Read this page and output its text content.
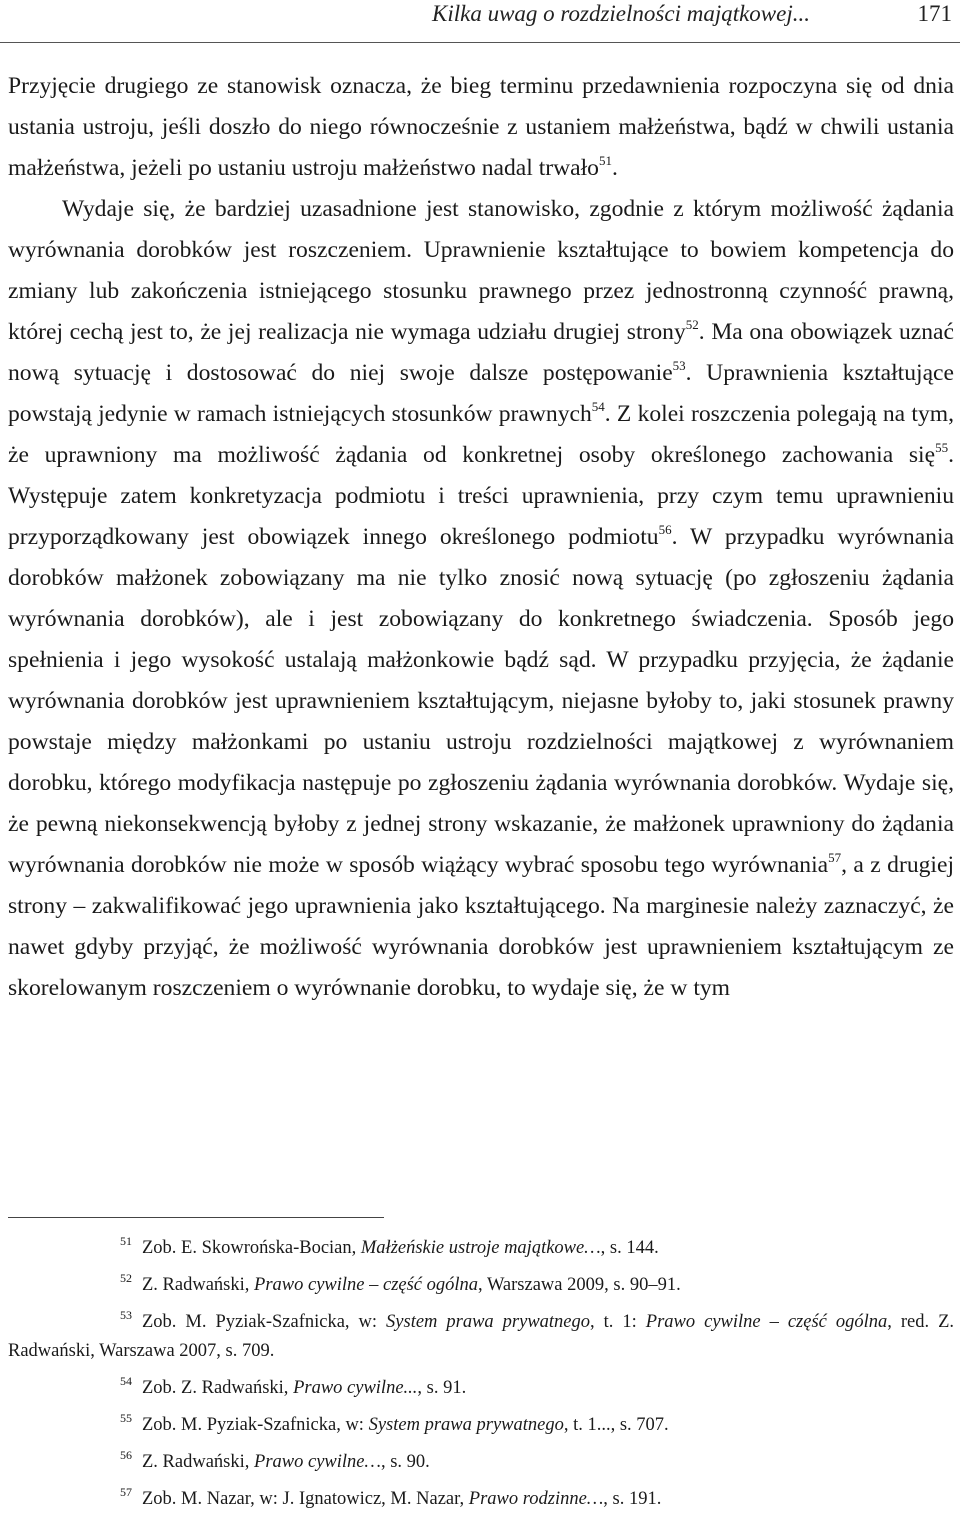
Kilka uwag o rozdzielności majątkowej...	171

Przyjęcie drugiego ze stanowisk oznacza, że bieg terminu przedawnienia rozpoczyna się od dnia ustania ustroju, jeśli doszło do niego równocześnie z ustaniem małżeństwa, bądź w chwili ustania małżeństwa, jeżeli po ustaniu ustroju małżeństwo nadal trwało$^{51}$.

Wydaje się, że bardziej uzasadnione jest stanowisko, zgodnie z którym możliwość żądania wyrównania dorobków jest roszczeniem. Uprawnienie kształtujące to bowiem kompetencja do zmiany lub zakończenia istniejącego stosunku prawnego przez jednostronną czynność prawną, której cechą jest to, że jej realizacja nie wymaga udziału drugiej strony$^{52}$. Ma ona obowiązek uznać nową sytuację i dostosować do niej swoje dalsze postępowanie$^{53}$. Uprawnienia kształtujące powstają jedynie w ramach istniejących stosunków prawnych$^{54}$. Z kolei roszczenia polegają na tym, że uprawniony ma możliwość żądania od konkretnej osoby określonego zachowania się$^{55}$. Występuje zatem konkretyzacja podmiotu i treści uprawnienia, przy czym temu uprawnieniu przyporządkowany jest obowiązek innego określonego podmiotu$^{56}$. W przypadku wyrównania dorobków małżonek zobowiązany ma nie tylko znosić nową sytuację (po zgłoszeniu żądania wyrównania dorobków), ale i jest zobowiązany do konkretnego świadczenia. Sposób jego spełnienia i jego wysokość ustalają małżonkowie bądź sąd. W przypadku przyjęcia, że żądanie wyrównania dorobków jest uprawnieniem kształtującym, niejasne byłoby to, jaki stosunek prawny powstaje między małżonkami po ustaniu ustroju rozdzielności majątkowej z wyrównaniem dorobku, którego modyfikacja następuje po zgłoszeniu żądania wyrównania dorobków. Wydaje się, że pewną niekonsekwencją byłoby z jednej strony wskazanie, że małżonek uprawniony do żądania wyrównania dorobków nie może w sposób wiążący wybrać sposobu tego wyrównania$^{57}$, a z drugiej strony – zakwalifikować jego uprawnienia jako kształtującego. Na marginesie należy zaznaczyć, że nawet gdyby przyjąć, że możliwość wyrównania dorobków jest uprawnieniem kształtującym ze skorelowanym roszczeniem o wyrównanie dorobku, to wydaje się, że w tym

$^{51}$ Zob. E. Skowrońska-Bocian, Małżeńskie ustroje majątkowe…, s. 144.

$^{52}$ Z. Radwański, Prawo cywilne – część ogólna, Warszawa 2009, s. 90–91.

$^{53}$ Zob. M. Pyziak-Szafnicka, w: System prawa prywatnego, t. 1: Prawo cywilne – część ogólna, red. Z. Radwański, Warszawa 2007, s. 709.

$^{54}$ Zob. Z. Radwański, Prawo cywilne..., s. 91.

$^{55}$ Zob. M. Pyziak-Szafnicka, w: System prawa prywatnego, t. 1..., s. 707.

$^{56}$ Z. Radwański, Prawo cywilne…, s. 90.

$^{57}$ Zob. M. Nazar, w: J. Ignatowicz, M. Nazar, Prawo rodzinne…, s. 191.
